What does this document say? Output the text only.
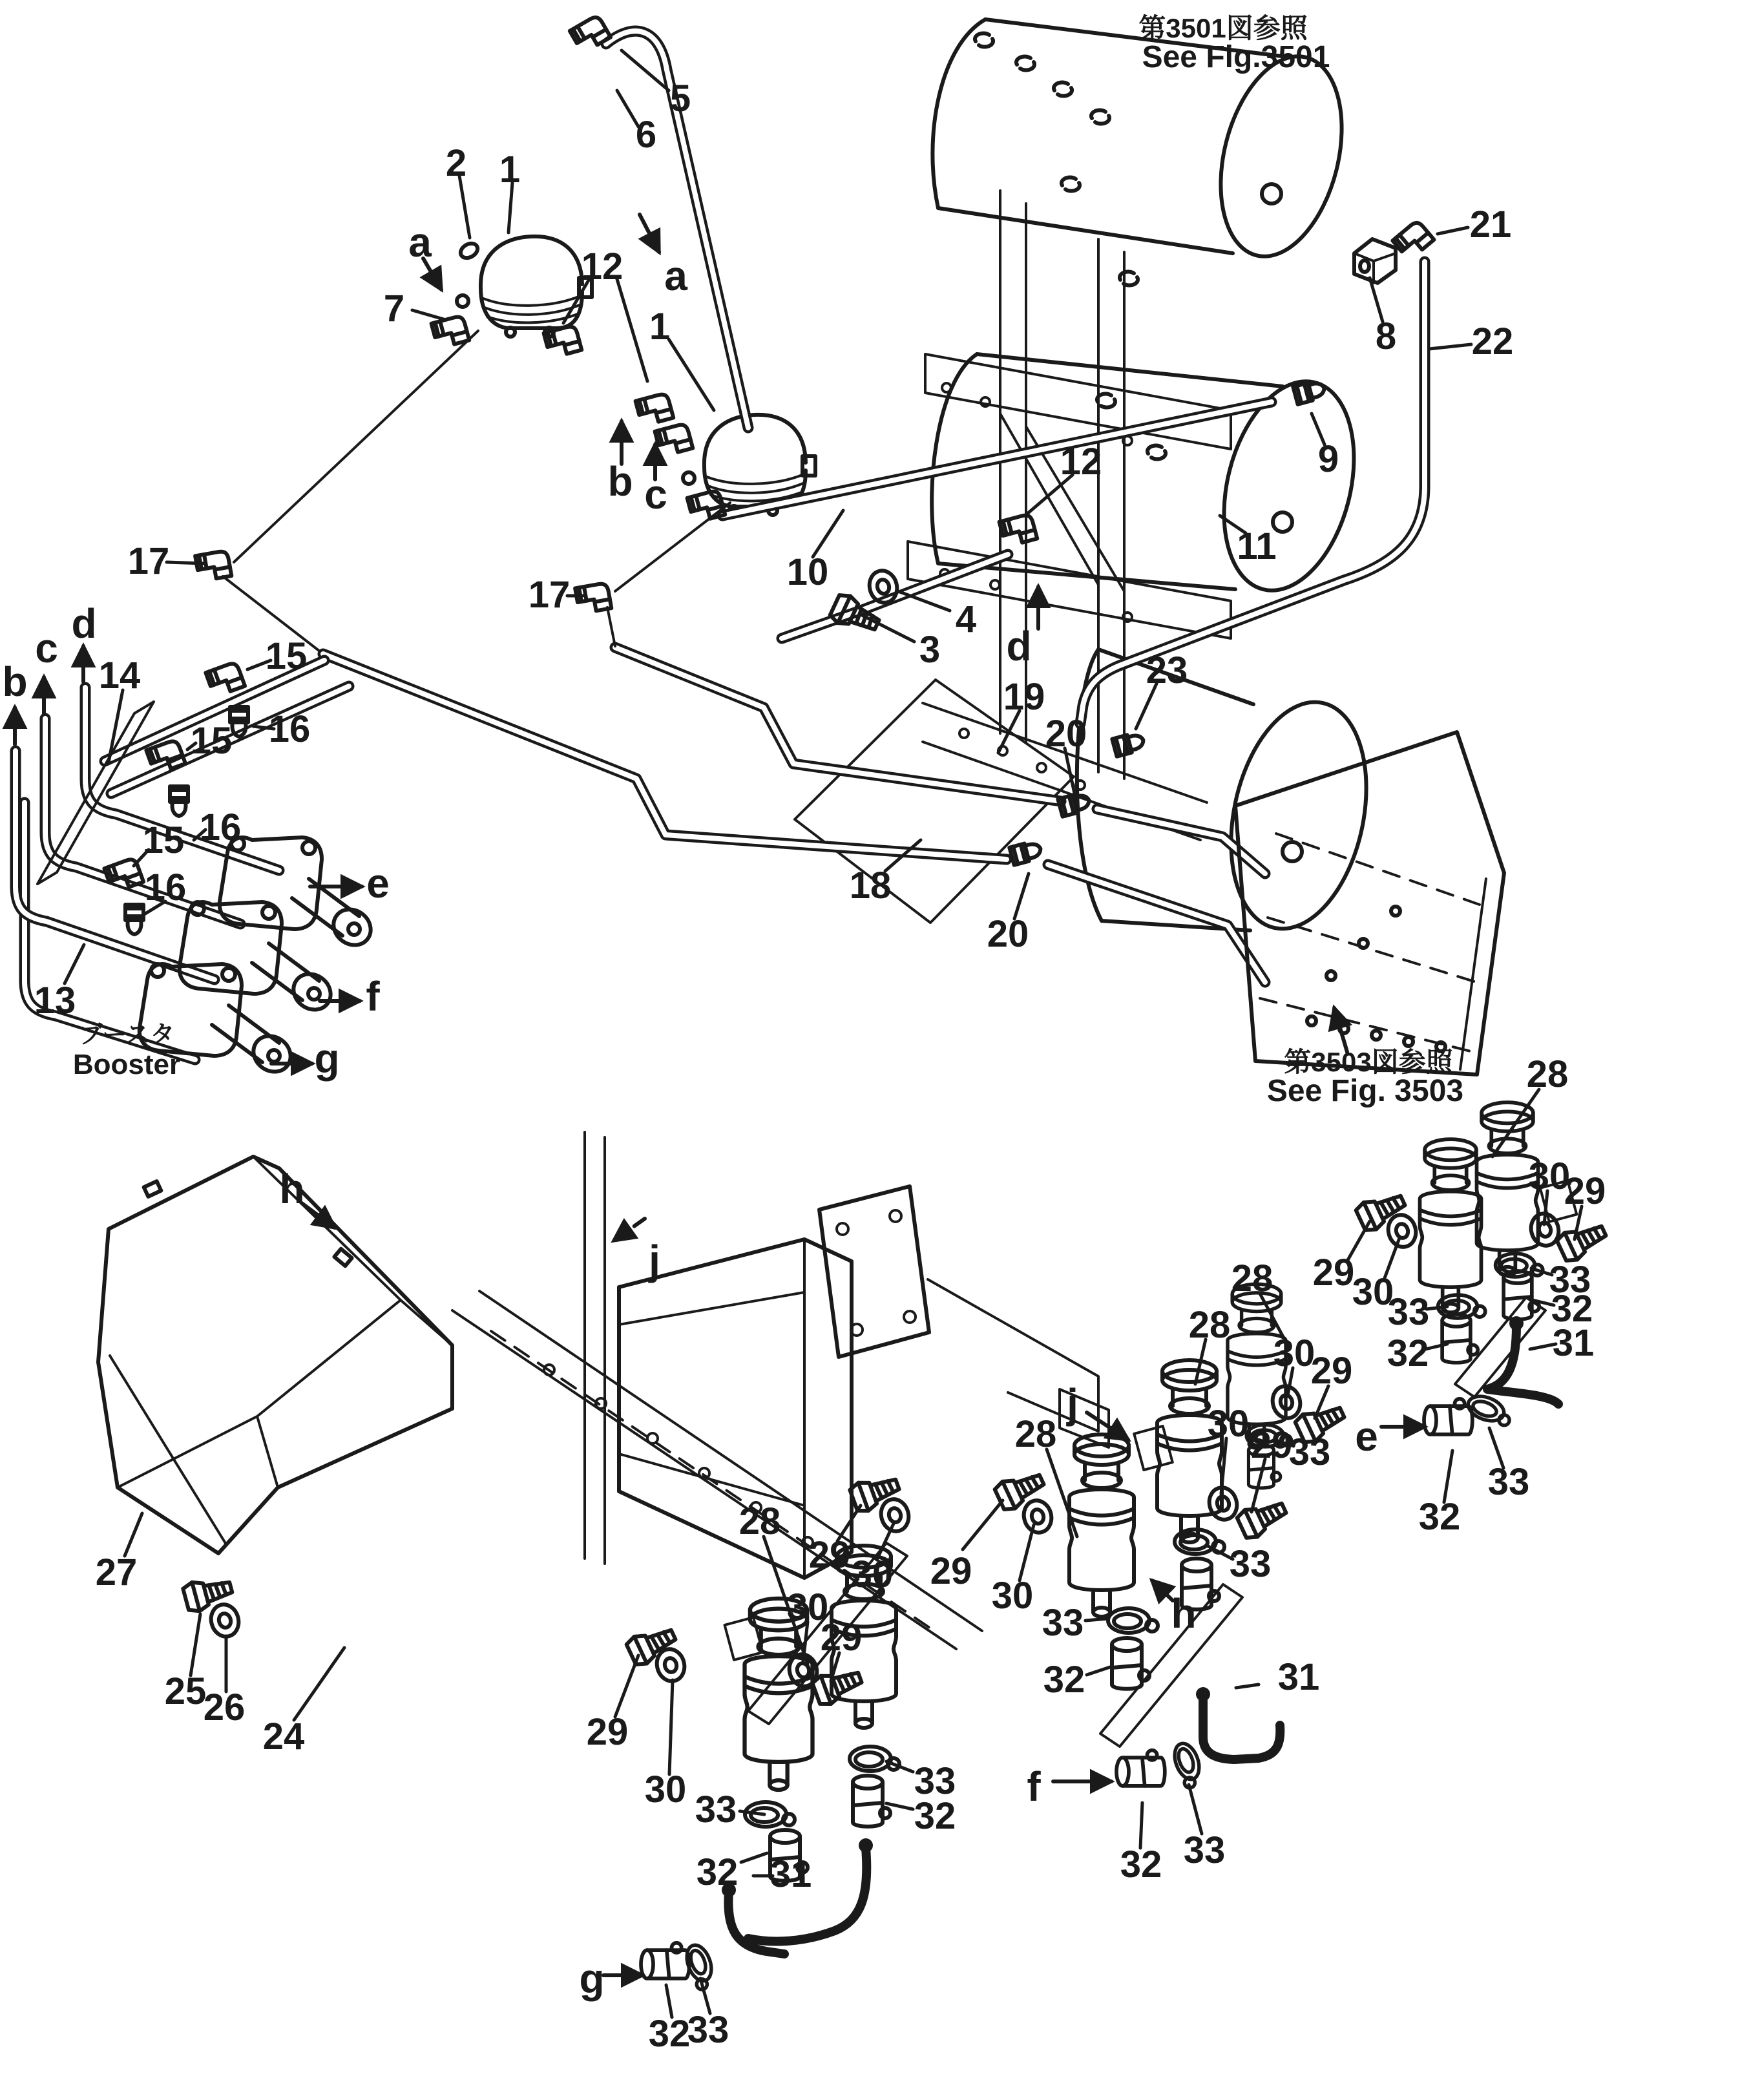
5
6
2 1
7
12
1
21
8 22
9
11
12
10
17
17
4
3
19
23
20
20
14	15
16
15
16
15
16
13
18
27
25
26
24
28
29 30
30
29
29
30 33
32
33
32
31
32
33
28
28
29
30
30
29
33
33
32	31
32 33
28
28
30
29
29
30	33
32
33
32	31
30
29
33
32
33
a
a
b c
d
b
c
d
e
f
g
h
j
j
h
e
f
g
第3501図参照
See Fig.3501
第3503図参照
See Fig. 3503
ブースタ
Booster
